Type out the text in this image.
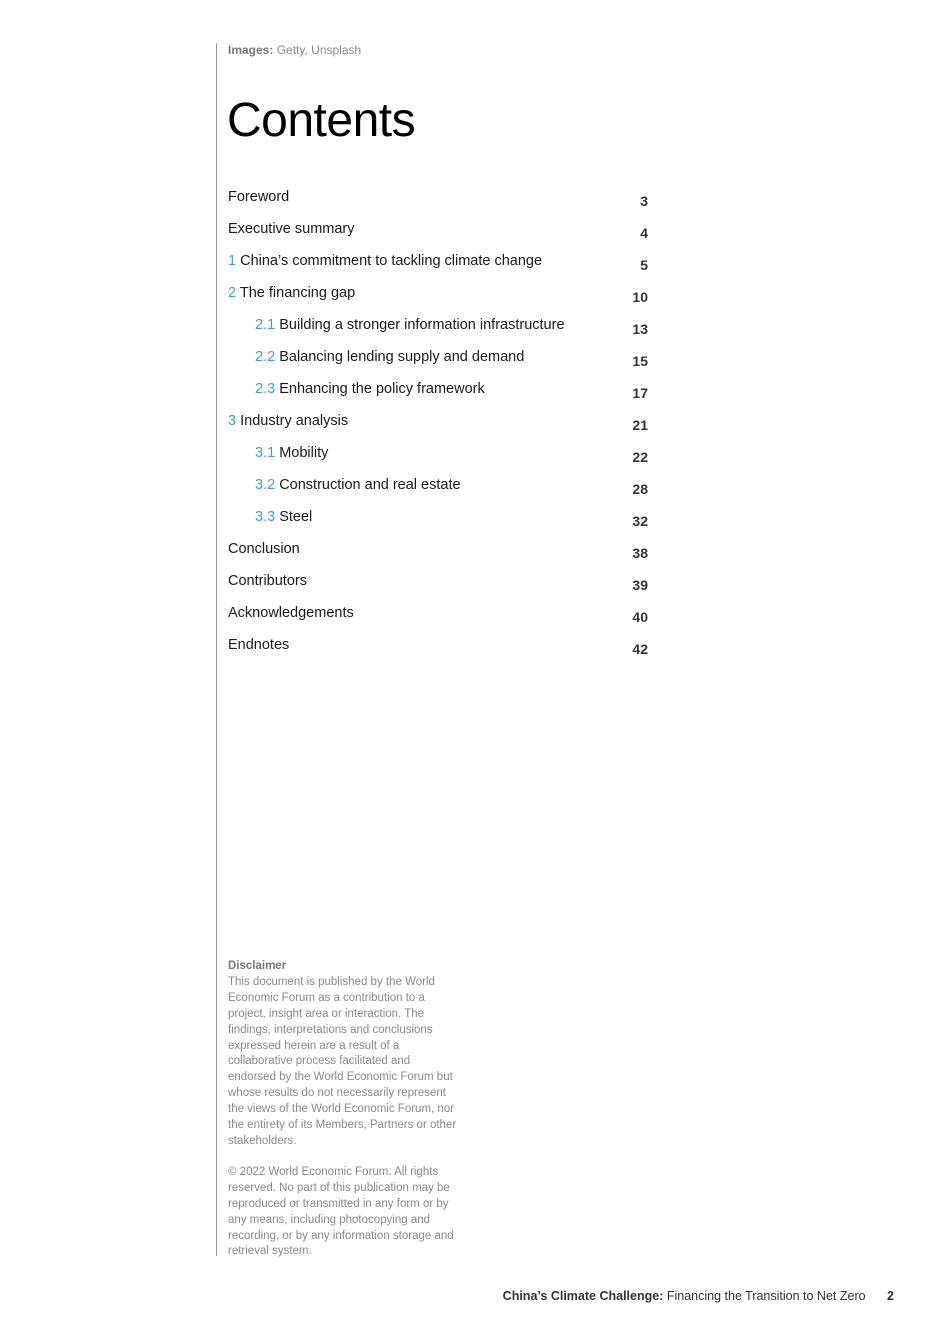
Images: Getty, Unsplash
Contents
Foreword	3
Executive summary	4
1 China’s commitment to tackling climate change	5
2 The financing gap	10
2.1 Building a stronger information infrastructure	13
2.2 Balancing lending supply and demand	15
2.3 Enhancing the policy framework	17
3 Industry analysis	21
3.1 Mobility	22
3.2 Construction and real estate	28
3.3 Steel	32
Conclusion	38
Contributors	39
Acknowledgements	40
Endnotes	42
Disclaimer

This document is published by the World Economic Forum as a contribution to a project, insight area or interaction. The findings, interpretations and conclusions expressed herein are a result of a collaborative process facilitated and endorsed by the World Economic Forum but whose results do not necessarily represent the views of the World Economic Forum, nor the entirety of its Members, Partners or other stakeholders.

© 2022 World Economic Forum. All rights reserved. No part of this publication may be reproduced or transmitted in any form or by any means, including photocopying and recording, or by any information storage and retrieval system.

China’s Climate Challenge: Financing the Transition to Net Zero 2
